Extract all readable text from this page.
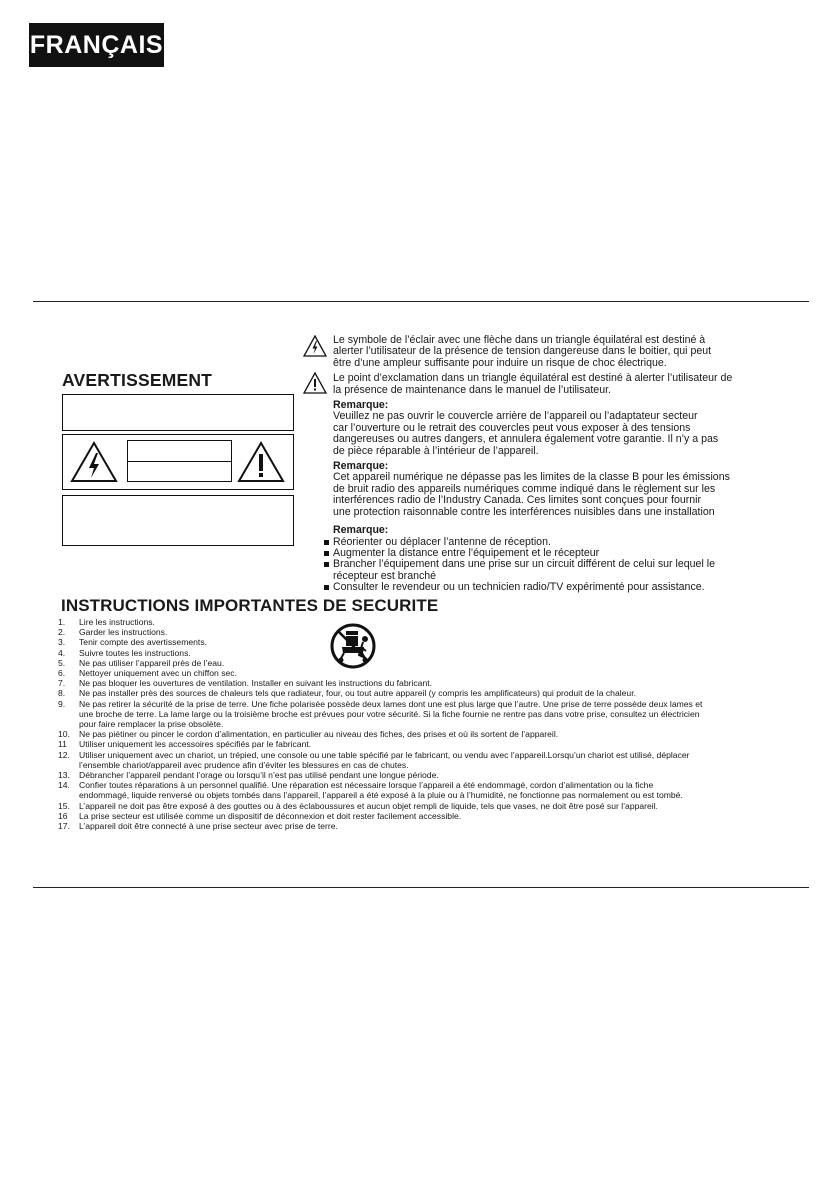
FRANÇAIS
AVERTISSEMENT

Le symbole de l’éclair avec une flèche dans un triangle équilatéral est destiné à
alerter l’utilisateur de la présence de tension dangereuse dans le boitier, qui peut
être d’une ampleur suffisante pour induire un risque de choc électrique.

Le point d’exclamation dans un triangle équilatéral est destiné à alerter l’utilisateur de
la présence de maintenance dans le manuel de l’utilisateur.

Remarque:

Veuillez ne pas ouvrir le couvercle arrière de l’appareil ou l’adaptateur secteur
car l’ouverture ou le retrait des couvercles peut vous exposer à des tensions
dangereuses ou autres dangers, et annulera également votre garantie. Il n’y a pas
de pièce réparable à l’intérieur de l’appareil.

Remarque:

Cet appareil numérique ne dépasse pas les limites de la classe B pour les émissions
de bruit radio des appareils numériques comme indiqué dans le règlement sur les
interférences radio de l’Industry Canada. Ces limites sont conçues pour fournir
une protection raisonnable contre les interférences nuisibles dans une installation

Remarque:
Réorienter ou déplacer l’antenne de réception.
Augmenter la distance entre l’équipement et le récepteur
Brancher l’équipement dans une prise sur un circuit différent de celui sur lequel le
récepteur est branché
Consulter le revendeur ou un technicien radio/TV expérimenté pour assistance.
INSTRUCTIONS IMPORTANTES DE SECURITE
1.	Lire les instructions.
2.	Garder les instructions.
3.	Tenir compte des avertissements.
4.	Suivre toutes les instructions.
5.	Ne pas utiliser l’appareil près de l’eau.
6.	Nettoyer uniquement avec un chiffon sec.
7.	Ne pas bloquer les ouvertures de ventilation. Installer en suivant les instructions du fabricant.
8.	Ne pas installer près des sources de chaleurs tels que radiateur, four, ou tout autre appareil (y compris les amplificateurs) qui produit de la chaleur.
9.	Ne pas retirer la sécurité de la prise de terre. Une fiche polarisée possède deux lames dont une est plus large que l’autre. Une prise de terre possède deux lames et
une broche de terre. La lame large ou la troisième broche est prévues pour votre sécurité. Si la fiche fournie ne rentre pas dans votre prise, consultez un électricien
pour faire remplacer la prise obsolète.
10.	Ne pas piétiner ou pincer le cordon d’alimentation, en particulier au niveau des fiches, des prises et où ils sortent de l’appareil.
11	Utiliser uniquement les accessoires spécifiés par le fabricant.
12.	Utiliser uniquement avec un chariot, un trépied, une console ou une table spécifié par le fabricant, ou vendu avec l’appareil.Lorsqu’un chariot est utilisé, déplacer
l’ensemble chariot/appareil avec prudence afin d’éviter les blessures en cas de chutes.
13.	Débrancher l’appareil pendant l’orage ou lorsqu’il n’est pas utilisé pendant une longue période.
14.	Confier toutes réparations à un personnel qualifié. Une réparation est nécessaire lorsque l’appareil a été endommagé, cordon d’alimentation ou la fiche
endommagé, liquide renversé ou objets tombés dans l’appareil, l’appareil a été exposé à la pluie ou à l’humidité, ne fonctionne pas normalement ou est tombé.
15.	L’appareil ne doit pas être exposé à des gouttes ou à des éclaboussures et aucun objet rempli de liquide, tels que vases, ne doit être posé sur l’appareil.
16	La prise secteur est utilisée comme un dispositif de déconnexion et doit rester facilement accessible.
17.	L’appareil doit être connecté à une prise secteur avec prise de terre.
